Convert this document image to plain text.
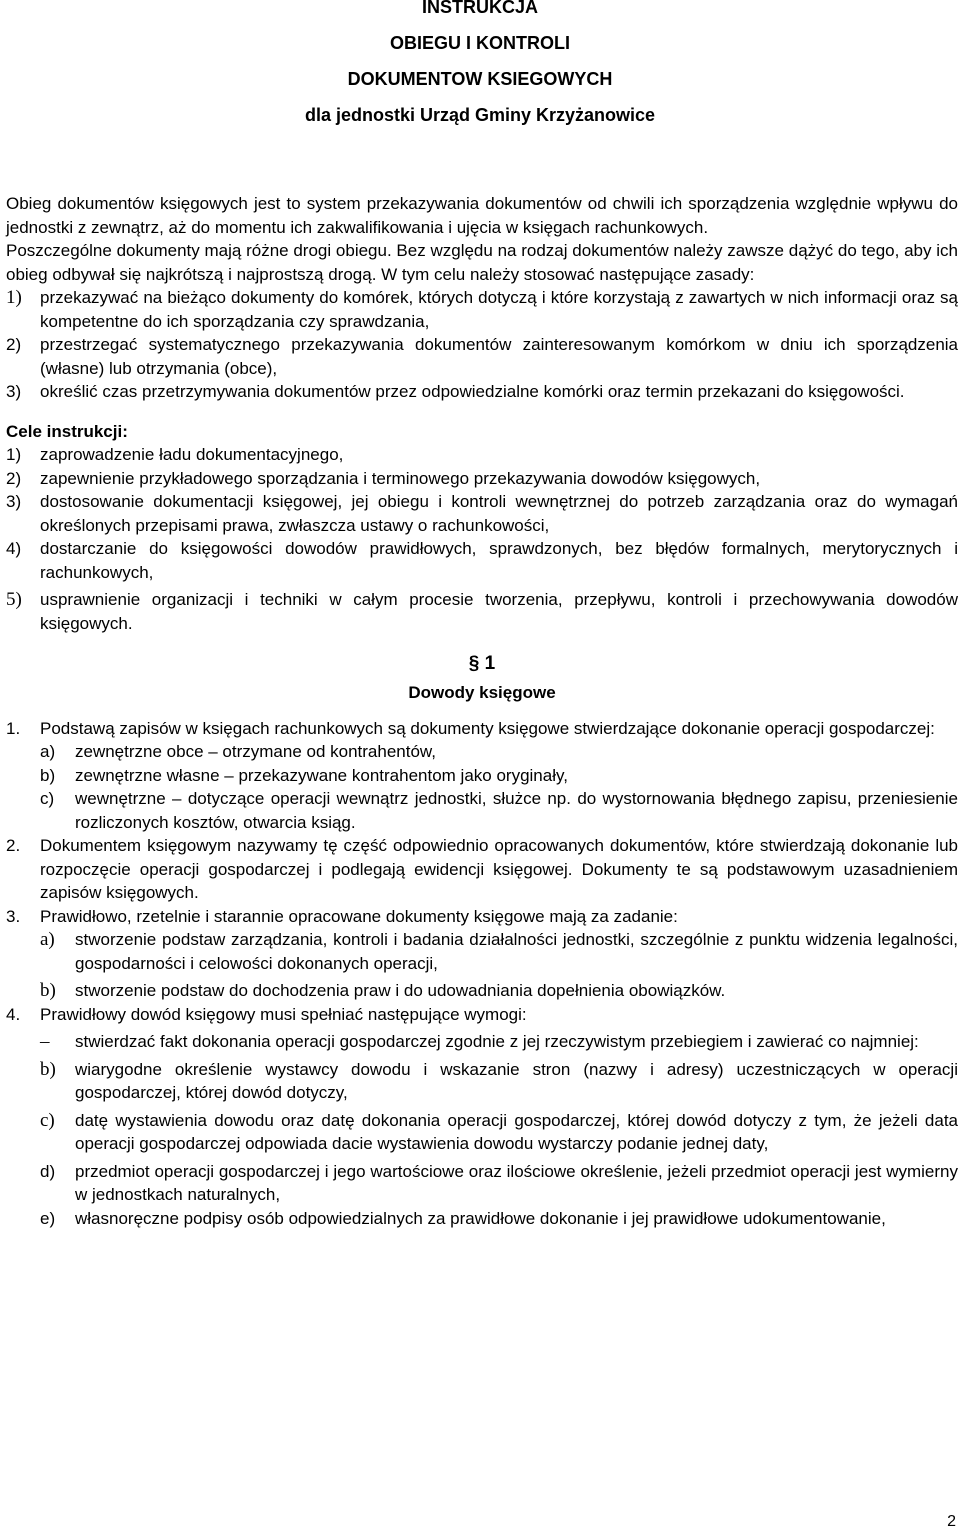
INSTRUKCJA
OBIEGU I KONTROLI
DOKUMENTOW KSIEGOWYCH
dla jednostki Urząd Gminy Krzyżanowice

Obieg dokumentów księgowych jest to system przekazywania dokumentów od chwili ich sporządzenia względnie wpływu do jednostki z zewnątrz, aż do momentu ich zakwalifikowania i ujęcia w księgach rachunkowych.

Poszczególne dokumenty mają różne drogi obiegu. Bez względu na rodzaj dokumentów należy zawsze dążyć do tego, aby ich obieg odbywał się najkrótszą i najprostszą drogą. W tym celu należy stosować następujące zasady:

1) przekazywać na bieżąco dokumenty do komórek, których dotyczą i które korzystają z zawartych w nich informacji oraz są kompetentne do ich sporządzania czy sprawdzania,
2) przestrzegać systematycznego przekazywania dokumentów zainteresowanym komórkom w dniu ich sporządzenia (własne) lub otrzymania (obce),
3) określić czas przetrzymywania dokumentów przez odpowiedzialne komórki oraz termin przekazani do księgowości.
Cele instrukcji:
1) zaprowadzenie ładu dokumentacyjnego,
2) zapewnienie przykładowego sporządzania i terminowego przekazywania dowodów księgowych,
3) dostosowanie dokumentacji księgowej, jej obiegu i kontroli wewnętrznej do potrzeb zarządzania oraz do wymagań określonych przepisami prawa, zwłaszcza ustawy o rachunkowości,
4) dostarczanie do księgowości dowodów prawidłowych, sprawdzonych, bez błędów formalnych, merytorycznych i rachunkowych,
5) usprawnienie organizacji i techniki w całym procesie tworzenia, przepływu, kontroli i przechowywania dowodów księgowych.
§ 1
Dowody księgowe
1. Podstawą zapisów w księgach rachunkowych są dokumenty księgowe stwierdzające dokonanie operacji gospodarczej:
a) zewnętrzne obce – otrzymane od kontrahentów,
b) zewnętrzne własne – przekazywane kontrahentom jako oryginały,
c) wewnętrzne – dotyczące operacji wewnątrz jednostki, służce np. do wystornowania błędnego zapisu, przeniesienie rozliczonych kosztów, otwarcia ksiąg.
2. Dokumentem księgowym nazywamy tę część odpowiednio opracowanych dokumentów, które stwierdzają dokonanie lub rozpoczęcie operacji gospodarczej i podlegają ewidencji księgowej. Dokumenty te są podstawowym uzasadnieniem zapisów księgowych.
3. Prawidłowo, rzetelnie i starannie opracowane dokumenty księgowe mają za zadanie:
a) stworzenie podstaw zarządzania, kontroli i badania działalności jednostki, szczególnie z punktu widzenia legalności, gospodarności i celowości dokonanych operacji,
b) stworzenie podstaw do dochodzenia praw i do udowadniania dopełnienia obowiązków.
4. Prawidłowy dowód księgowy musi spełniać następujące wymogi:
– stwierdzać fakt dokonania operacji gospodarczej zgodnie z jej rzeczywistym przebiegiem i zawierać co najmniej:
b) wiarygodne określenie wystawcy dowodu i wskazanie stron (nazwy i adresy) uczestniczących w operacji gospodarczej, której dowód dotyczy,
c) datę wystawienia dowodu oraz datę dokonania operacji gospodarczej, której dowód dotyczy z tym, że jeżeli data operacji gospodarczej odpowiada dacie wystawienia dowodu wystarczy podanie jednej daty,
d) przedmiot operacji gospodarczej i jego wartościowe oraz ilościowe określenie, jeżeli przedmiot operacji jest wymierny w jednostkach naturalnych,
e) własnoręczne podpisy osób odpowiedzialnych za prawidłowe dokonanie i jej prawidłowe udokumentowanie,
2
